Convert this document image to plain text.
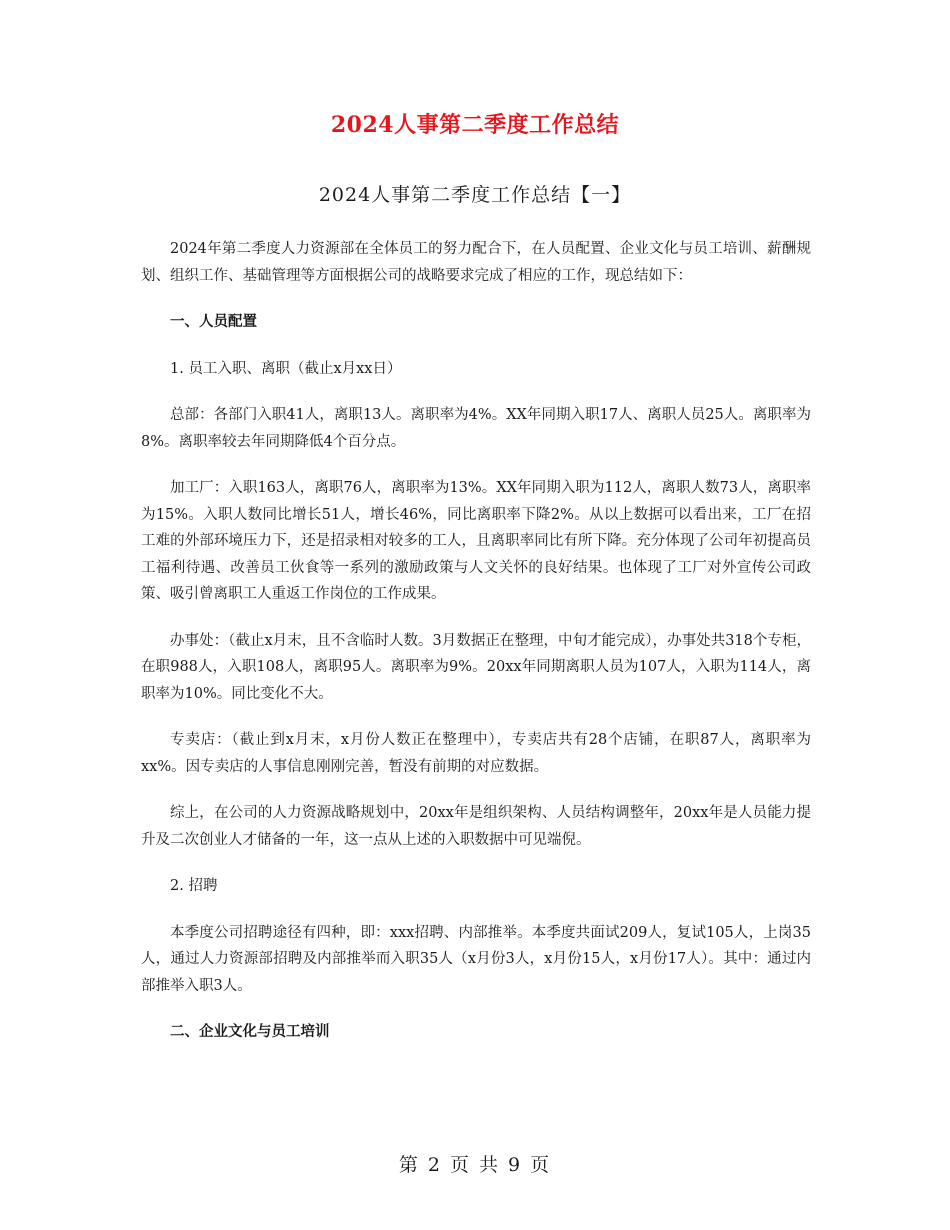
2024人事第二季度工作总结
2024人事第二季度工作总结【一】

2024年第二季度人力资源部在全体员工的努力配合下，在人员配置、企业文化与员工培训、薪酬规划、组织工作、基础管理等方面根据公司的战略要求完成了相应的工作，现总结如下：

一、人员配置

1. 员工入职、离职（截止x月xx日）

总部：各部门入职41人，离职13人。离职率为4%。XX年同期入职17人、离职人员25人。离职率为8%。离职率较去年同期降低4个百分点。

加工厂：入职163人，离职76人，离职率为13%。XX年同期入职为112人，离职人数73人，离职率为15%。入职人数同比增长51人，增长46%，同比离职率下降2%。从以上数据可以看出来，工厂在招工难的外部环境压力下，还是招录相对较多的工人，且离职率同比有所下降。充分体现了公司年初提高员工福利待遇、改善员工伙食等一系列的激励政策与人文关怀的良好结果。也体现了工厂对外宣传公司政策、吸引曾离职工人重返工作岗位的工作成果。

办事处：（截止x月末，且不含临时人数。3月数据正在整理，中旬才能完成），办事处共318个专柜，在职988人，入职108人，离职95人。离职率为9%。20xx年同期离职人员为107人，入职为114人，离职率为10%。同比变化不大。

专卖店：（截止到x月末，x月份人数正在整理中），专卖店共有28个店铺，在职87人，离职率为xx%。因专卖店的人事信息刚刚完善，暂没有前期的对应数据。

综上，在公司的人力资源战略规划中，20xx年是组织架构、人员结构调整年，20xx年是人员能力提升及二次创业人才储备的一年，这一点从上述的入职数据中可见端倪。

2. 招聘

本季度公司招聘途径有四种，即：xxx招聘、内部推举。本季度共面试209人，复试105人，上岗35人，通过人力资源部招聘及内部推举而入职35人（x月份3人，x月份15人，x月份17人）。其中：通过内部推举入职3人。

二、企业文化与员工培训

第 2 页 共 9 页
